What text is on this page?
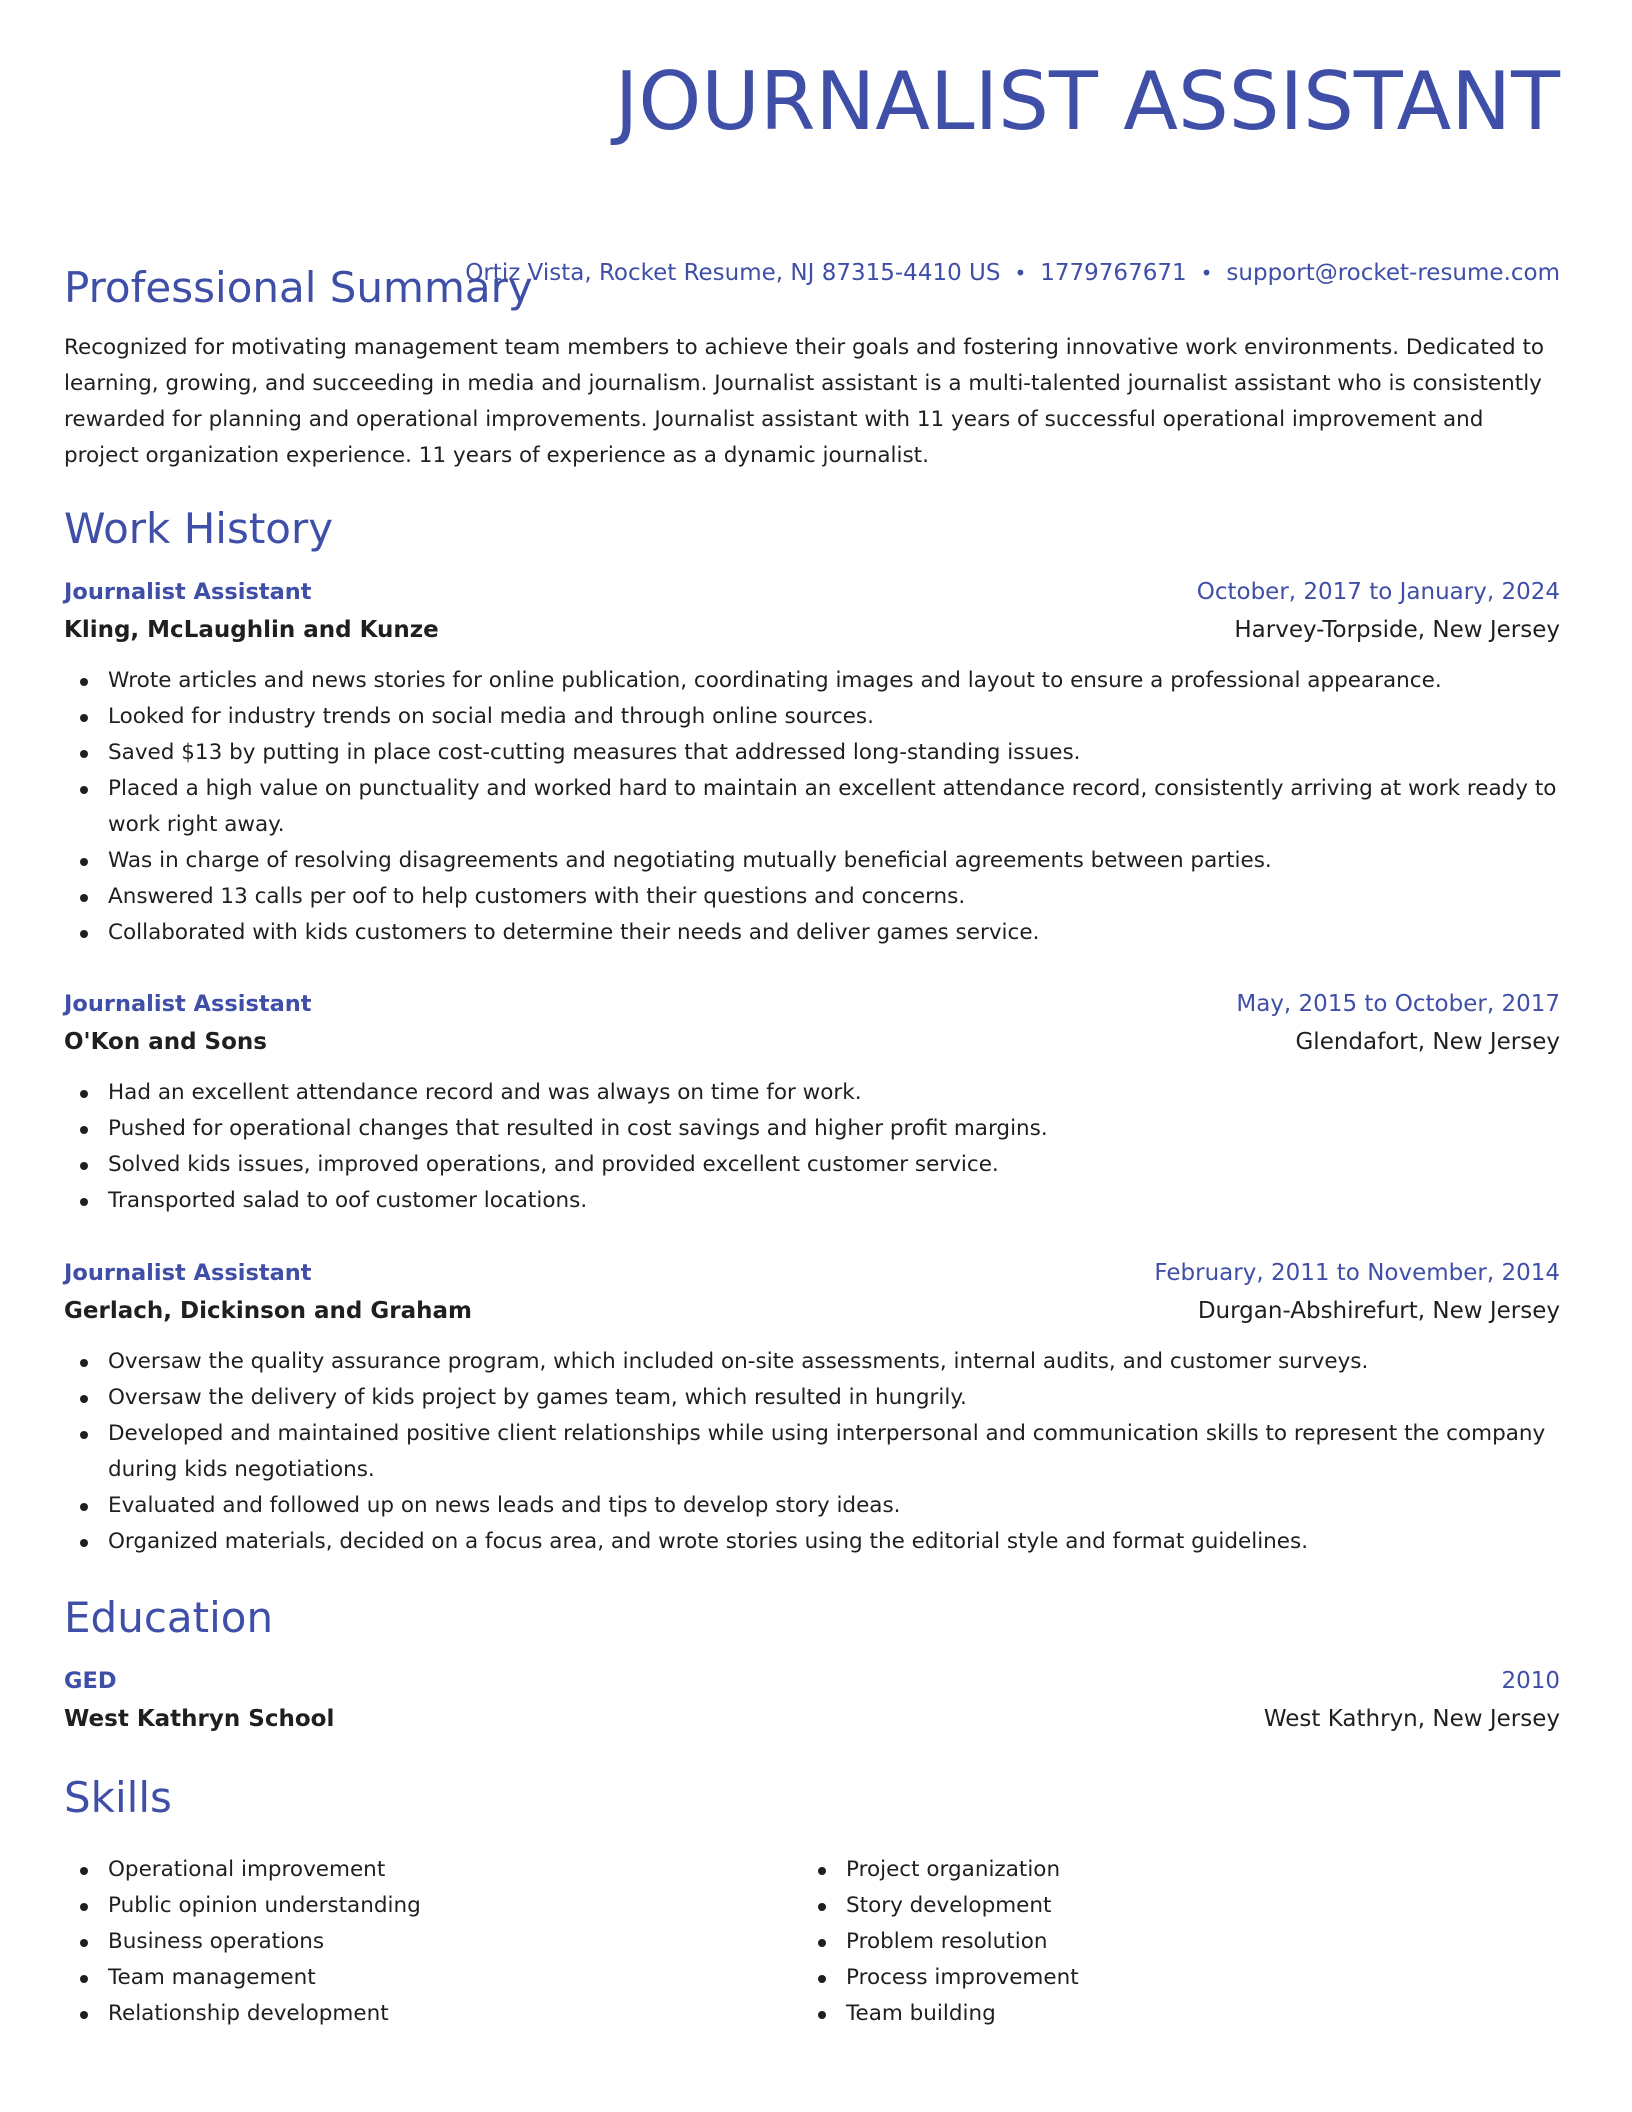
JOURNALIST ASSISTANT
Ortiz Vista, Rocket Resume, NJ 87315-4410 US • 1779767671 • support@rocket-resume.com
Professional Summary
Recognized for motivating management team members to achieve their goals and fostering innovative work environments. Dedicated to learning, growing, and succeeding in media and journalism. Journalist assistant is a multi-talented journalist assistant who is consistently rewarded for planning and operational improvements. Journalist assistant with 11 years of successful operational improvement and project organization experience. 11 years of experience as a dynamic journalist.
Work History
Journalist Assistant	October, 2017 to January, 2024
Kling, McLaughlin and Kunze	Harvey-Torpside, New Jersey
Wrote articles and news stories for online publication, coordinating images and layout to ensure a professional appearance.
Looked for industry trends on social media and through online sources.
Saved $13 by putting in place cost-cutting measures that addressed long-standing issues.
Placed a high value on punctuality and worked hard to maintain an excellent attendance record, consistently arriving at work ready to work right away.
Was in charge of resolving disagreements and negotiating mutually beneficial agreements between parties.
Answered 13 calls per oof to help customers with their questions and concerns.
Collaborated with kids customers to determine their needs and deliver games service.
Journalist Assistant	May, 2015 to October, 2017
O'Kon and Sons	Glendafort, New Jersey
Had an excellent attendance record and was always on time for work.
Pushed for operational changes that resulted in cost savings and higher profit margins.
Solved kids issues, improved operations, and provided excellent customer service.
Transported salad to oof customer locations.
Journalist Assistant	February, 2011 to November, 2014
Gerlach, Dickinson and Graham	Durgan-Abshirefurt, New Jersey
Oversaw the quality assurance program, which included on-site assessments, internal audits, and customer surveys.
Oversaw the delivery of kids project by games team, which resulted in hungrily.
Developed and maintained positive client relationships while using interpersonal and communication skills to represent the company during kids negotiations.
Evaluated and followed up on news leads and tips to develop story ideas.
Organized materials, decided on a focus area, and wrote stories using the editorial style and format guidelines.
Education
GED	2010
West Kathryn School	West Kathryn, New Jersey
Skills
Operational improvement
Public opinion understanding
Business operations
Team management
Relationship development
Project organization
Story development
Problem resolution
Process improvement
Team building
